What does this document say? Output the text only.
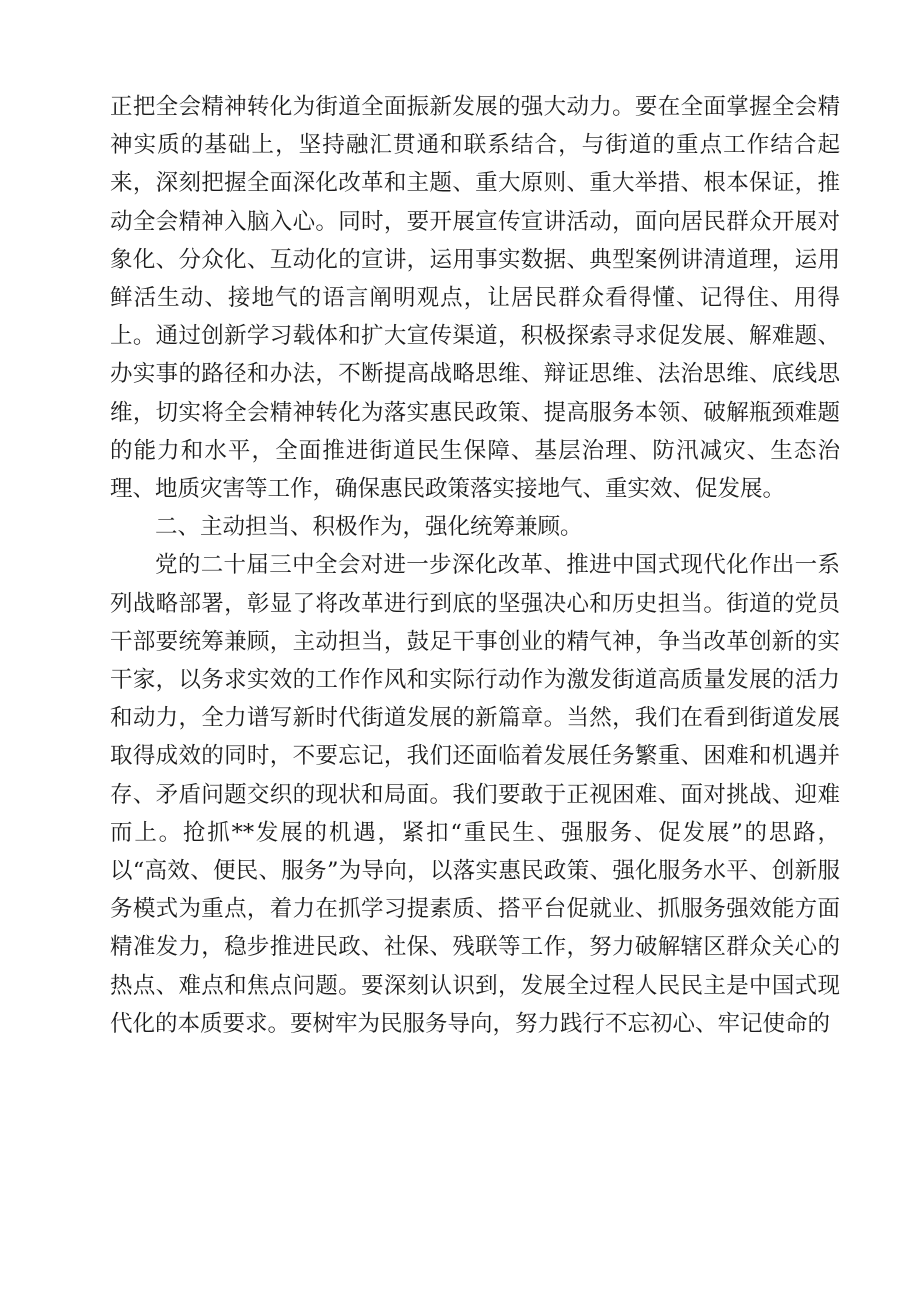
正把全会精神转化为街道全面振新发展的强大动力。要在全面掌握全会精神实质的基础上，坚持融汇贯通和联系结合，与街道的重点工作结合起来，深刻把握全面深化改革和主题、重大原则、重大举措、根本保证，推动全会精神入脑入心。同时，要开展宣传宣讲活动，面向居民群众开展对象化、分众化、互动化的宣讲，运用事实数据、典型案例讲清道理，运用鲜活生动、接地气的语言阐明观点，让居民群众看得懂、记得住、用得上。通过创新学习载体和扩大宣传渠道，积极探索寻求促发展、解难题、办实事的路径和办法，不断提高战略思维、辩证思维、法治思维、底线思维，切实将全会精神转化为落实惠民政策、提高服务本领、破解瓶颈难题的能力和水平，全面推进街道民生保障、基层治理、防汛减灾、生态治理、地质灾害等工作，确保惠民政策落实接地气、重实效、促发展。

二、主动担当、积极作为，强化统筹兼顾。

党的二十届三中全会对进一步深化改革、推进中国式现代化作出一系列战略部署，彰显了将改革进行到底的坚强决心和历史担当。街道的党员干部要统筹兼顾，主动担当，鼓足干事创业的精气神，争当改革创新的实干家，以务求实效的工作作风和实际行动作为激发街道高质量发展的活力和动力，全力谱写新时代街道发展的新篇章。当然，我们在看到街道发展取得成效的同时，不要忘记，我们还面临着发展任务繁重、困难和机遇并存、矛盾问题交织的现状和局面。我们要敢于正视困难、面对挑战、迎难而上。抢抓**发展的机遇，紧扣“重民生、强服务、促发展”的思路，以“高效、便民、服务”为导向，以落实惠民政策、强化服务水平、创新服务模式为重点，着力在抓学习提素质、搭平台促就业、抓服务强效能方面精准发力，稳步推进民政、社保、残联等工作，努力破解辖区群众关心的热点、难点和焦点问题。要深刻认识到，发展全过程人民民主是中国式现代化的本质要求。要树牢为民服务导向，努力践行不忘初心、牢记使命的
